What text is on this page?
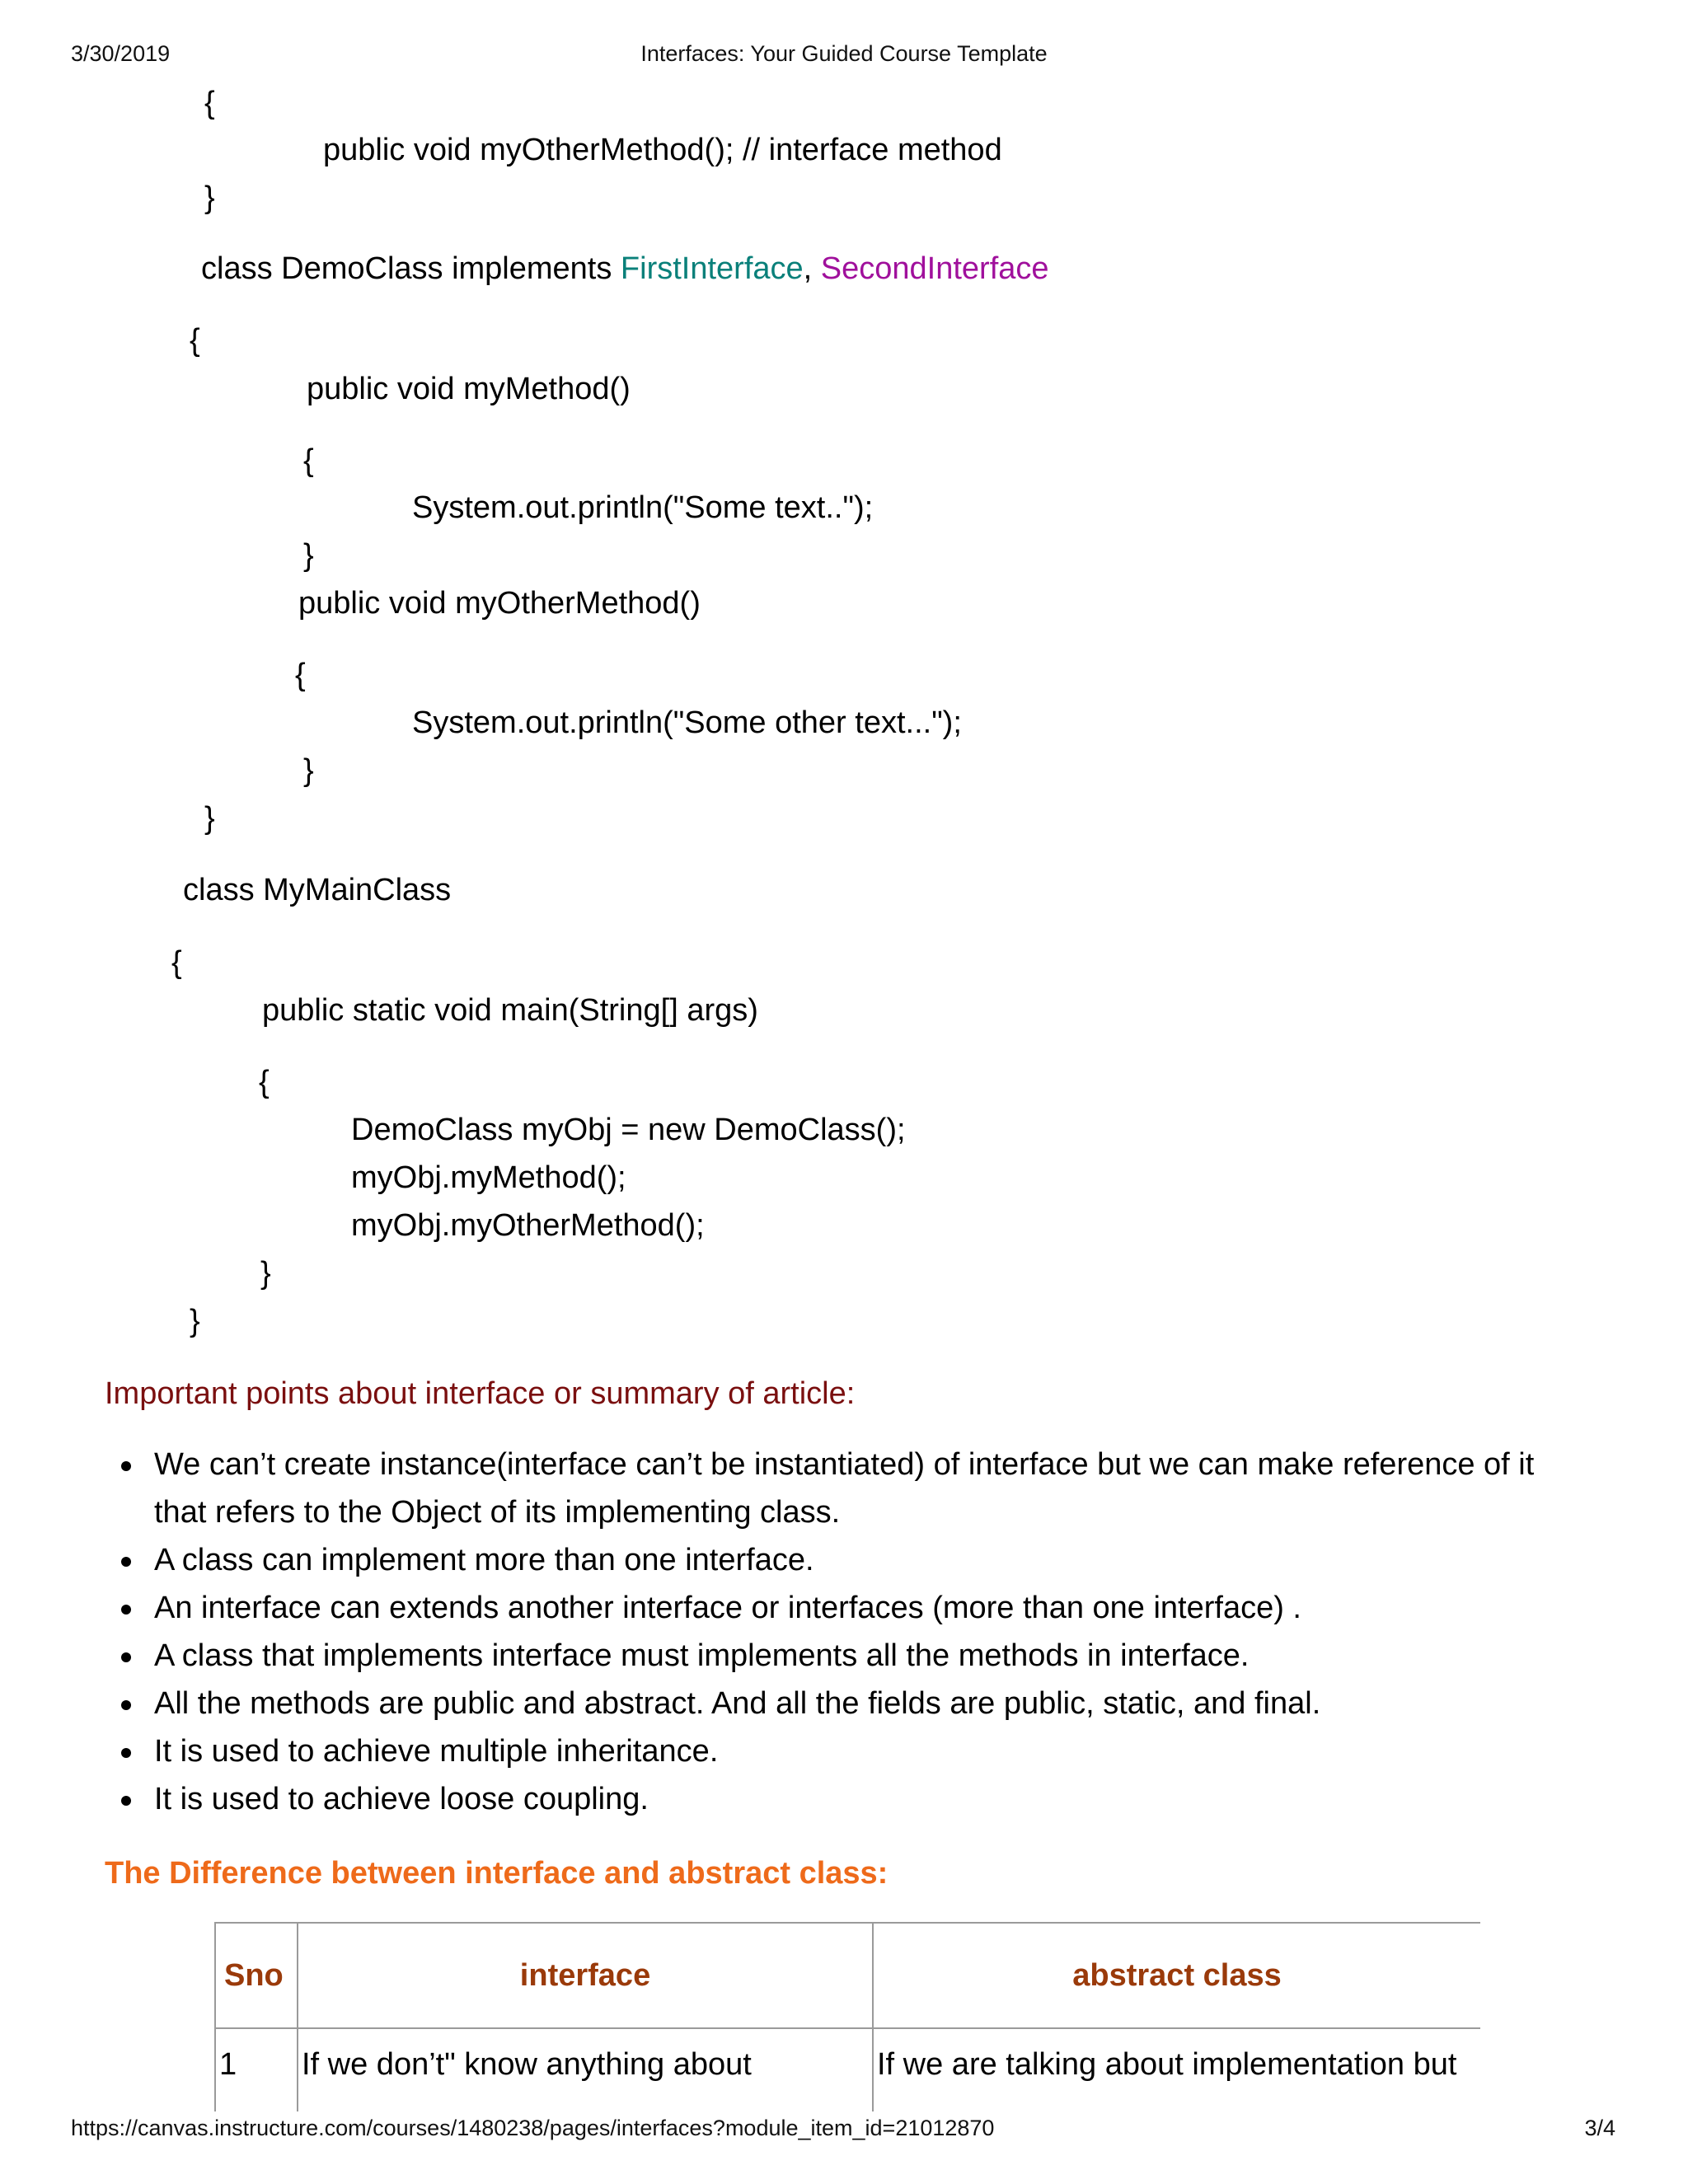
3/30/2019	Interfaces: Your Guided Course Template
{
public void myOtherMethod(); // interface method
}
class DemoClass implements FirstInterface, SecondInterface
{
public void myMethod()
{
System.out.println("Some text..");
}
public void myOtherMethod()
{
System.out.println("Some other text...");
}
}
class MyMainClass
{
public static void main(String[] args)
{
DemoClass myObj = new DemoClass();
myObj.myMethod();
myObj.myOtherMethod();
}
}
Important points about interface or summary of article:
We can’t create instance(interface can’t be instantiated) of interface but we can make reference of it that refers to the Object of its implementing class.
A class can implement more than one interface.
An interface can extends another interface or interfaces (more than one interface) .
A class that implements interface must implements all the methods in interface.
All the methods are public and abstract. And all the fields are public, static, and final.
It is used to achieve multiple inheritance.
It is used to achieve loose coupling.
The Difference between interface and abstract class:
Sno	interface	abstract class
1	If we don’t" know anything about	If we are talking about implementation but
https://canvas.instructure.com/courses/1480238/pages/interfaces?module_item_id=21012870	3/4
